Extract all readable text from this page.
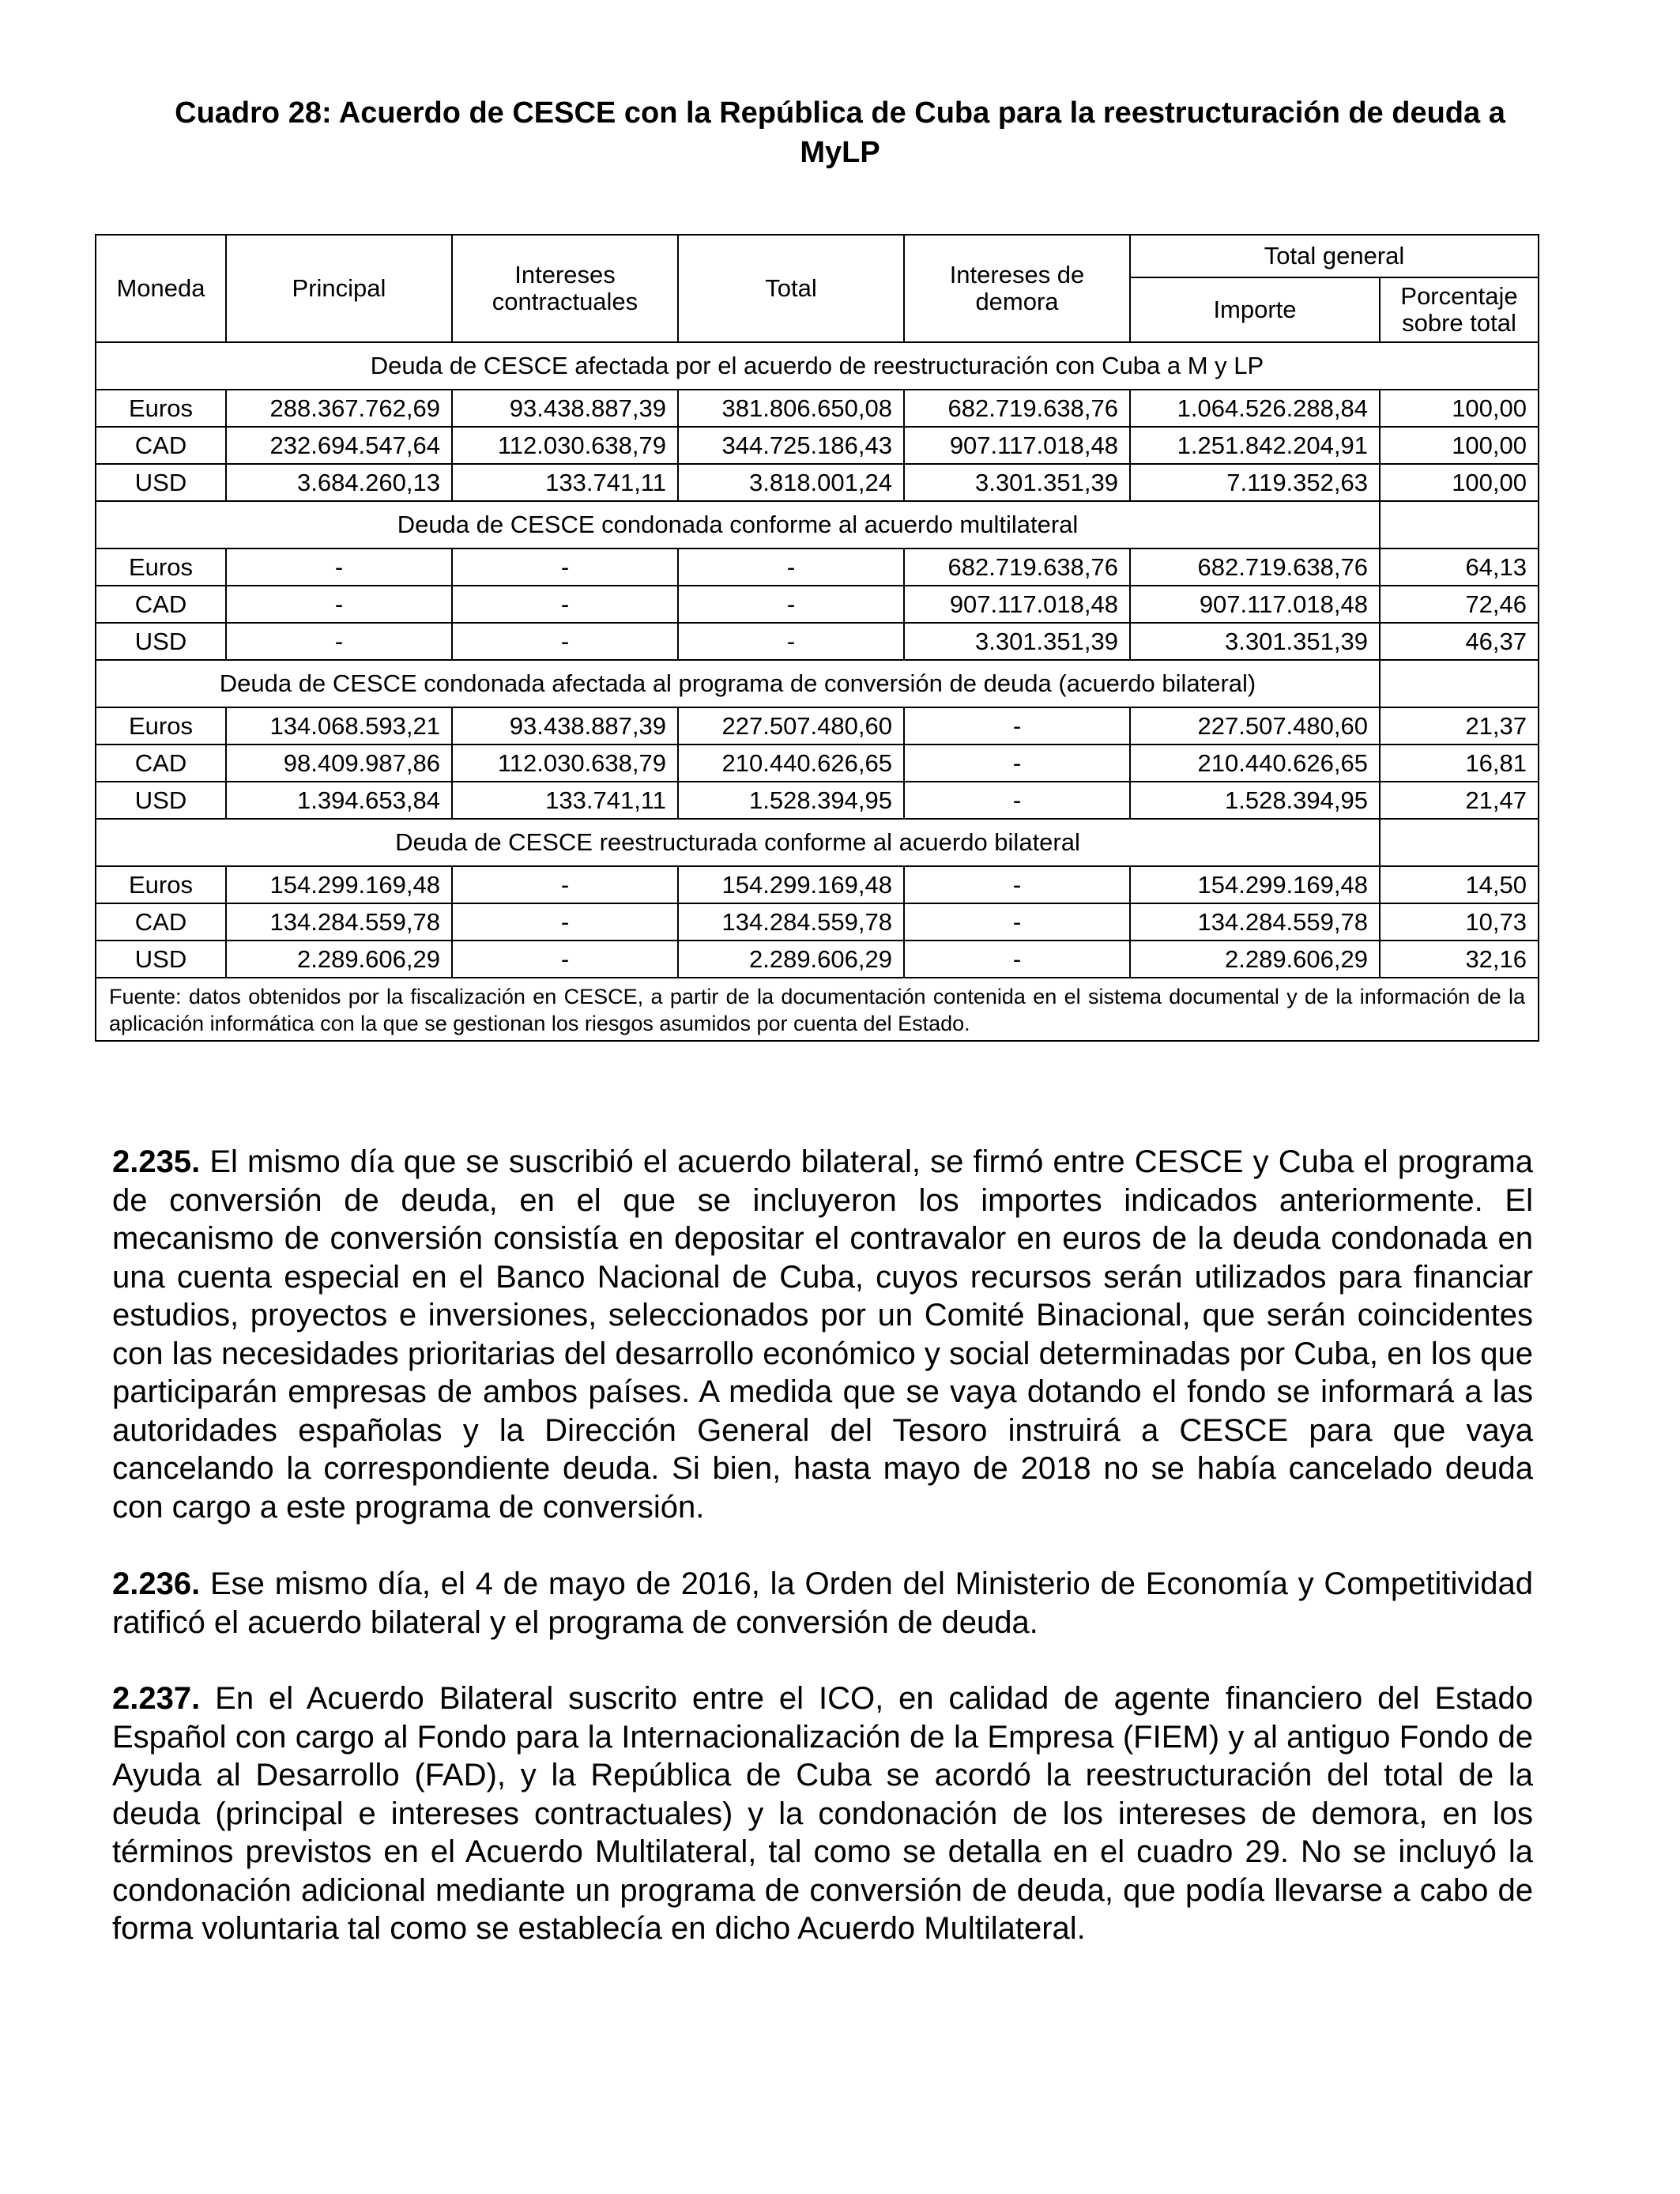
Cuadro 28: Acuerdo de CESCE con la República de Cuba para la reestructuración de deuda a
MyLP
Moneda	Principal	Intereses contractuales	Total	Intereses de demora	Total general	
					Importe	Porcentaje sobre total
Deuda de CESCE afectada por el acuerdo de reestructuración con Cuba a M y LP						
Euros	288.367.762,69	93.438.887,39	381.806.650,08	682.719.638,76	1.064.526.288,84	100,00
CAD	232.694.547,64	112.030.638,79	344.725.186,43	907.117.018,48	1.251.842.204,91	100,00
USD	3.684.260,13	133.741,11	3.818.001,24	3.301.351,39	7.119.352,63	100,00
Deuda de CESCE condonada conforme al acuerdo multilateral						
Euros	-	-	-	682.719.638,76	682.719.638,76	64,13
CAD	-	-	-	907.117.018,48	907.117.018,48	72,46
USD	-	-	-	3.301.351,39	3.301.351,39	46,37
Deuda de CESCE condonada afectada al programa de conversión de deuda (acuerdo bilateral)						
Euros	134.068.593,21	93.438.887,39	227.507.480,60	-	227.507.480,60	21,37
CAD	98.409.987,86	112.030.638,79	210.440.626,65	-	210.440.626,65	16,81
USD	1.394.653,84	133.741,11	1.528.394,95	-	1.528.394,95	21,47
Deuda de CESCE reestructurada conforme al acuerdo bilateral						
Euros	154.299.169,48	-	154.299.169,48	-	154.299.169,48	14,50
CAD	134.284.559,78	-	134.284.559,78	-	134.284.559,78	10,73
USD	2.289.606,29	-	2.289.606,29	-	2.289.606,29	32,16
Fuente: datos obtenidos por la fiscalización en CESCE, a partir de la documentación contenida en el sistema documental y de la información de la aplicación informática con la que se gestionan los riesgos asumidos por cuenta del Estado.						

2.235. El mismo día que se suscribió el acuerdo bilateral, se firmó entre CESCE y Cuba el programa de conversión de deuda, en el que se incluyeron los importes indicados anteriormente. El mecanismo de conversión consistía en depositar el contravalor en euros de la deuda condonada en una cuenta especial en el Banco Nacional de Cuba, cuyos recursos serán utilizados para financiar estudios, proyectos e inversiones, seleccionados por un Comité Binacional, que serán coincidentes con las necesidades prioritarias del desarrollo económico y social determinadas por Cuba, en los que participarán empresas de ambos países. A medida que se vaya dotando el fondo se informará a las autoridades españolas y la Dirección General del Tesoro instruirá a CESCE para que vaya cancelando la correspondiente deuda. Si bien, hasta mayo de 2018 no se había cancelado deuda con cargo a este programa de conversión.

2.236. Ese mismo día, el 4 de mayo de 2016, la Orden del Ministerio de Economía y Competitividad ratificó el acuerdo bilateral y el programa de conversión de deuda.

2.237. En el Acuerdo Bilateral suscrito entre el ICO, en calidad de agente financiero del Estado Español con cargo al Fondo para la Internacionalización de la Empresa (FIEM) y al antiguo Fondo de Ayuda al Desarrollo (FAD), y la República de Cuba se acordó la reestructuración del total de la deuda (principal e intereses contractuales) y la condonación de los intereses de demora, en los términos previstos en el Acuerdo Multilateral, tal como se detalla en el cuadro 29. No se incluyó la condonación adicional mediante un programa de conversión de deuda, que podía llevarse a cabo de forma voluntaria tal como se establecía en dicho Acuerdo Multilateral.
